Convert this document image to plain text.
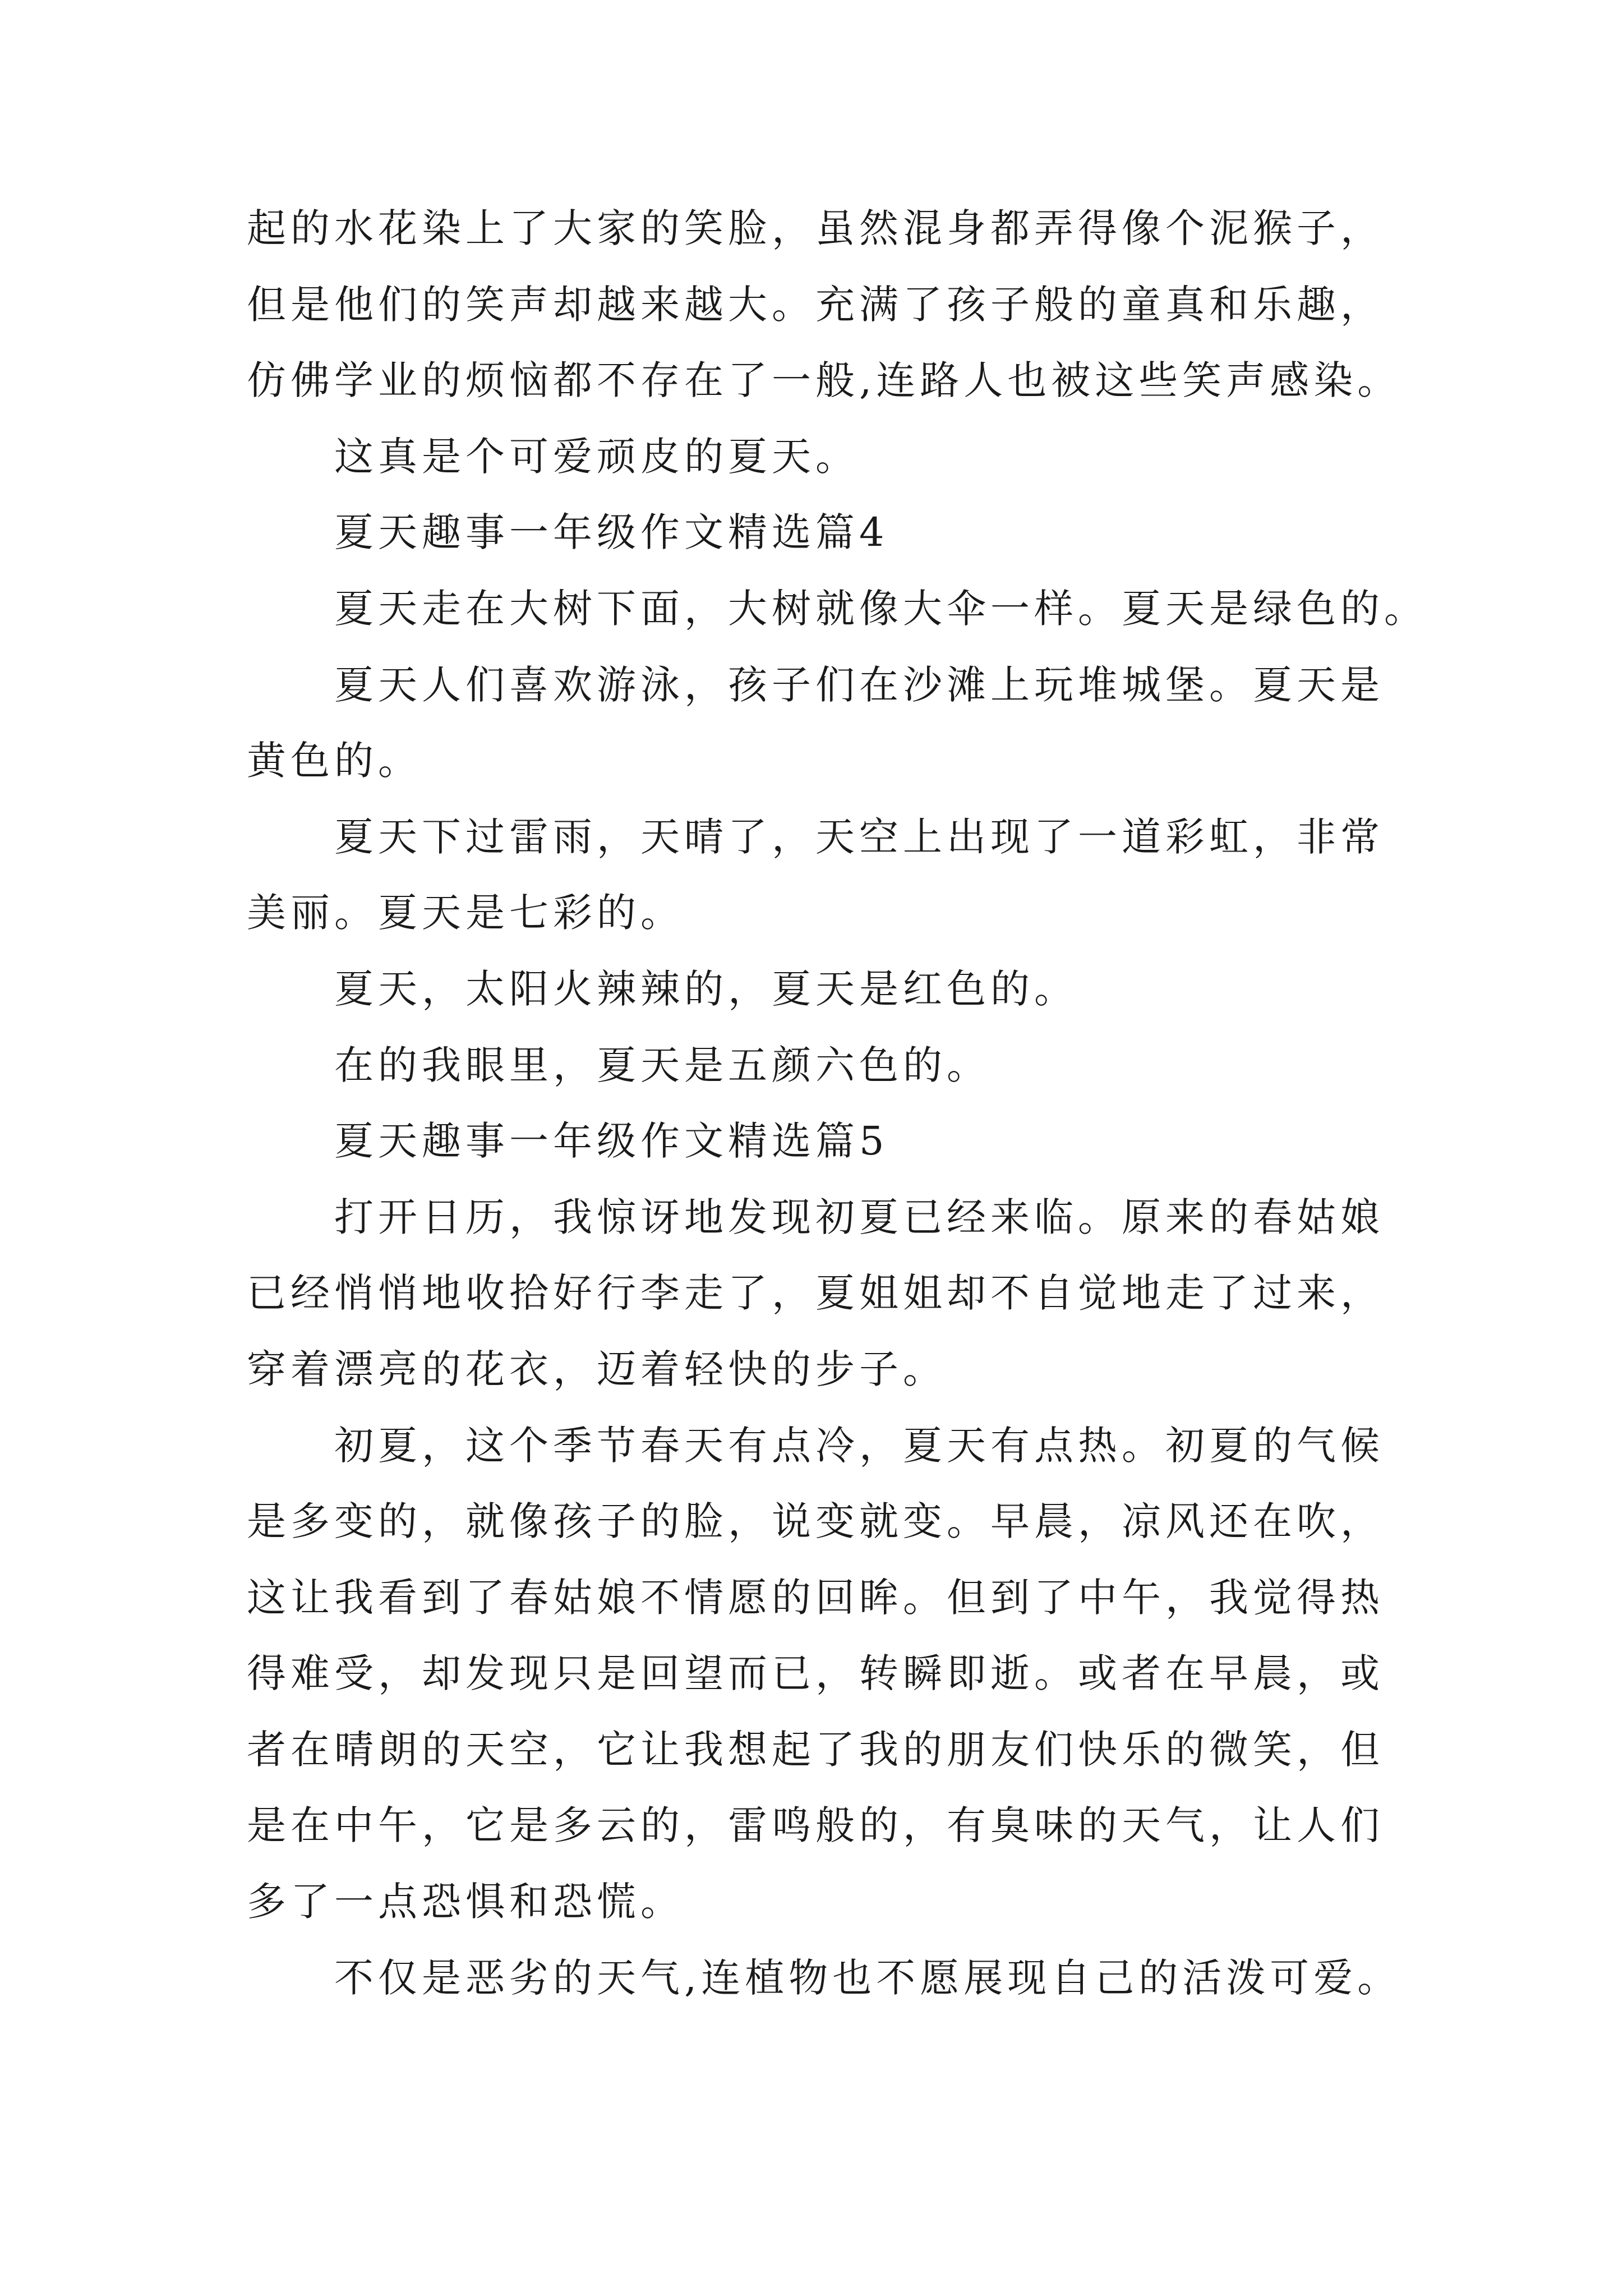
起的水花染上了大家的笑脸，虽然混身都弄得像个泥猴子，
但是他们的笑声却越来越大。充满了孩子般的童真和乐趣，
仿佛学业的烦恼都不存在了一般,连路人也被这些笑声感染。
这真是个可爱顽皮的夏天。
夏天趣事一年级作文精选篇4
夏天走在大树下面，大树就像大伞一样。夏天是绿色的。
夏天人们喜欢游泳，孩子们在沙滩上玩堆城堡。夏天是
黄色的。
夏天下过雷雨，天晴了，天空上出现了一道彩虹，非常
美丽。夏天是七彩的。
夏天，太阳火辣辣的，夏天是红色的。
在的我眼里，夏天是五颜六色的。
夏天趣事一年级作文精选篇5
打开日历，我惊讶地发现初夏已经来临。原来的春姑娘
已经悄悄地收拾好行李走了，夏姐姐却不自觉地走了过来，
穿着漂亮的花衣，迈着轻快的步子。
初夏，这个季节春天有点冷，夏天有点热。初夏的气候
是多变的，就像孩子的脸，说变就变。早晨，凉风还在吹，
这让我看到了春姑娘不情愿的回眸。但到了中午，我觉得热
得难受，却发现只是回望而已，转瞬即逝。或者在早晨，或
者在晴朗的天空，它让我想起了我的朋友们快乐的微笑，但
是在中午，它是多云的，雷鸣般的，有臭味的天气，让人们
多了一点恐惧和恐慌。
不仅是恶劣的天气,连植物也不愿展现自己的活泼可爱。
